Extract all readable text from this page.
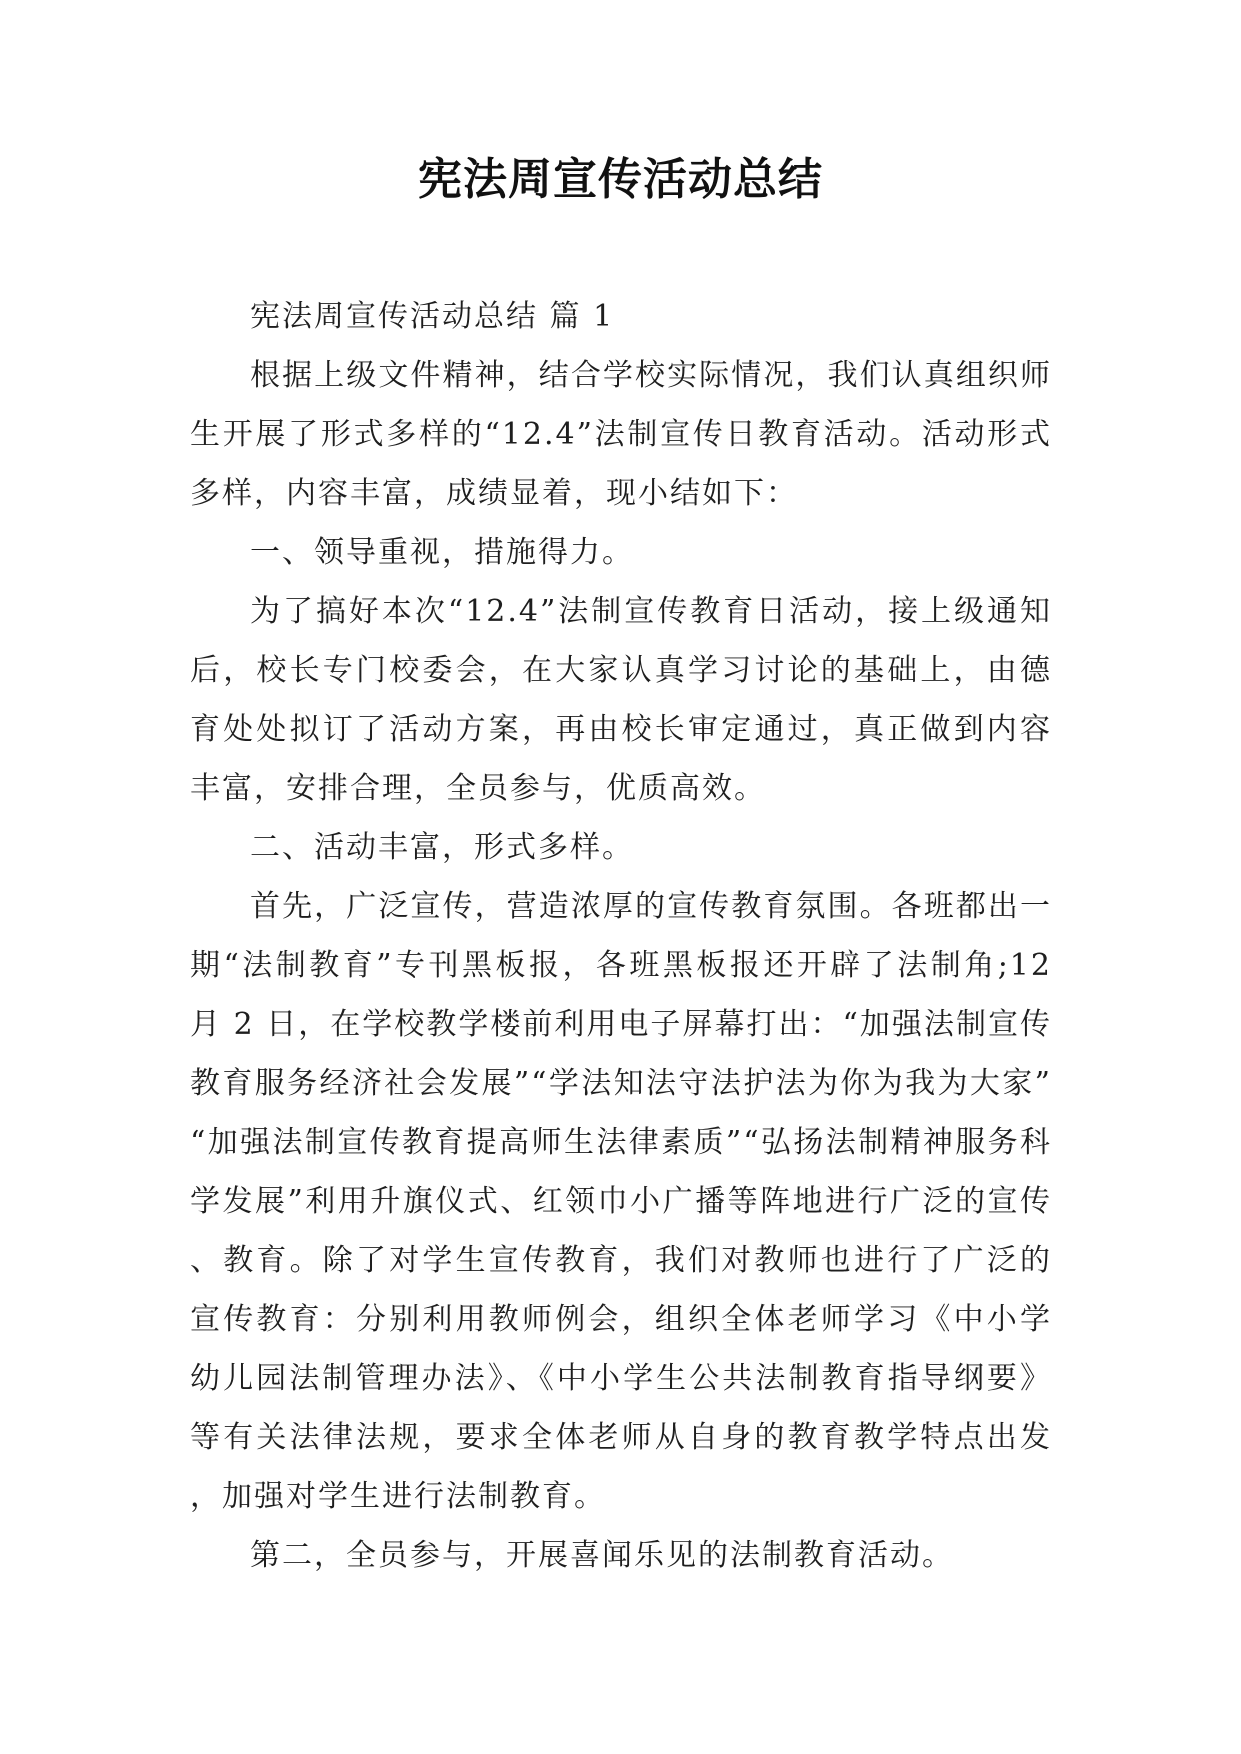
宪法周宣传活动总结

宪法周宣传活动总结 篇 1

根据上级文件精神，结合学校实际情况，我们认真组织师生开展了形式多样的“12.4”法制宣传日教育活动。活动形式多样，内容丰富，成绩显着，现小结如下：

一、领导重视，措施得力。

为了搞好本次“12.4”法制宣传教育日活动，接上级通知后，校长专门校委会，在大家认真学习讨论的基础上，由德育处处拟订了活动方案，再由校长审定通过，真正做到内容丰富，安排合理，全员参与，优质高效。

二、活动丰富，形式多样。

首先，广泛宣传，营造浓厚的宣传教育氛围。各班都出一期“法制教育”专刊黑板报，各班黑板报还开辟了法制角;12 月 2 日，在学校教学楼前利用电子屏幕打出：“加强法制宣传教育服务经济社会发展”“学法知法守法护法为你为我为大家”“加强法制宣传教育提高师生法律素质”“弘扬法制精神服务科学发展”利用升旗仪式、红领巾小广播等阵地进行广泛的宣传、教育。除了对学生宣传教育，我们对教师也进行了广泛的宣传教育：分别利用教师例会，组织全体老师学习《中小学幼儿园法制管理办法》、《中小学生公共法制教育指导纲要》等有关法律法规，要求全体老师从自身的教育教学特点出发，加强对学生进行法制教育。

第二，全员参与，开展喜闻乐见的法制教育活动。
